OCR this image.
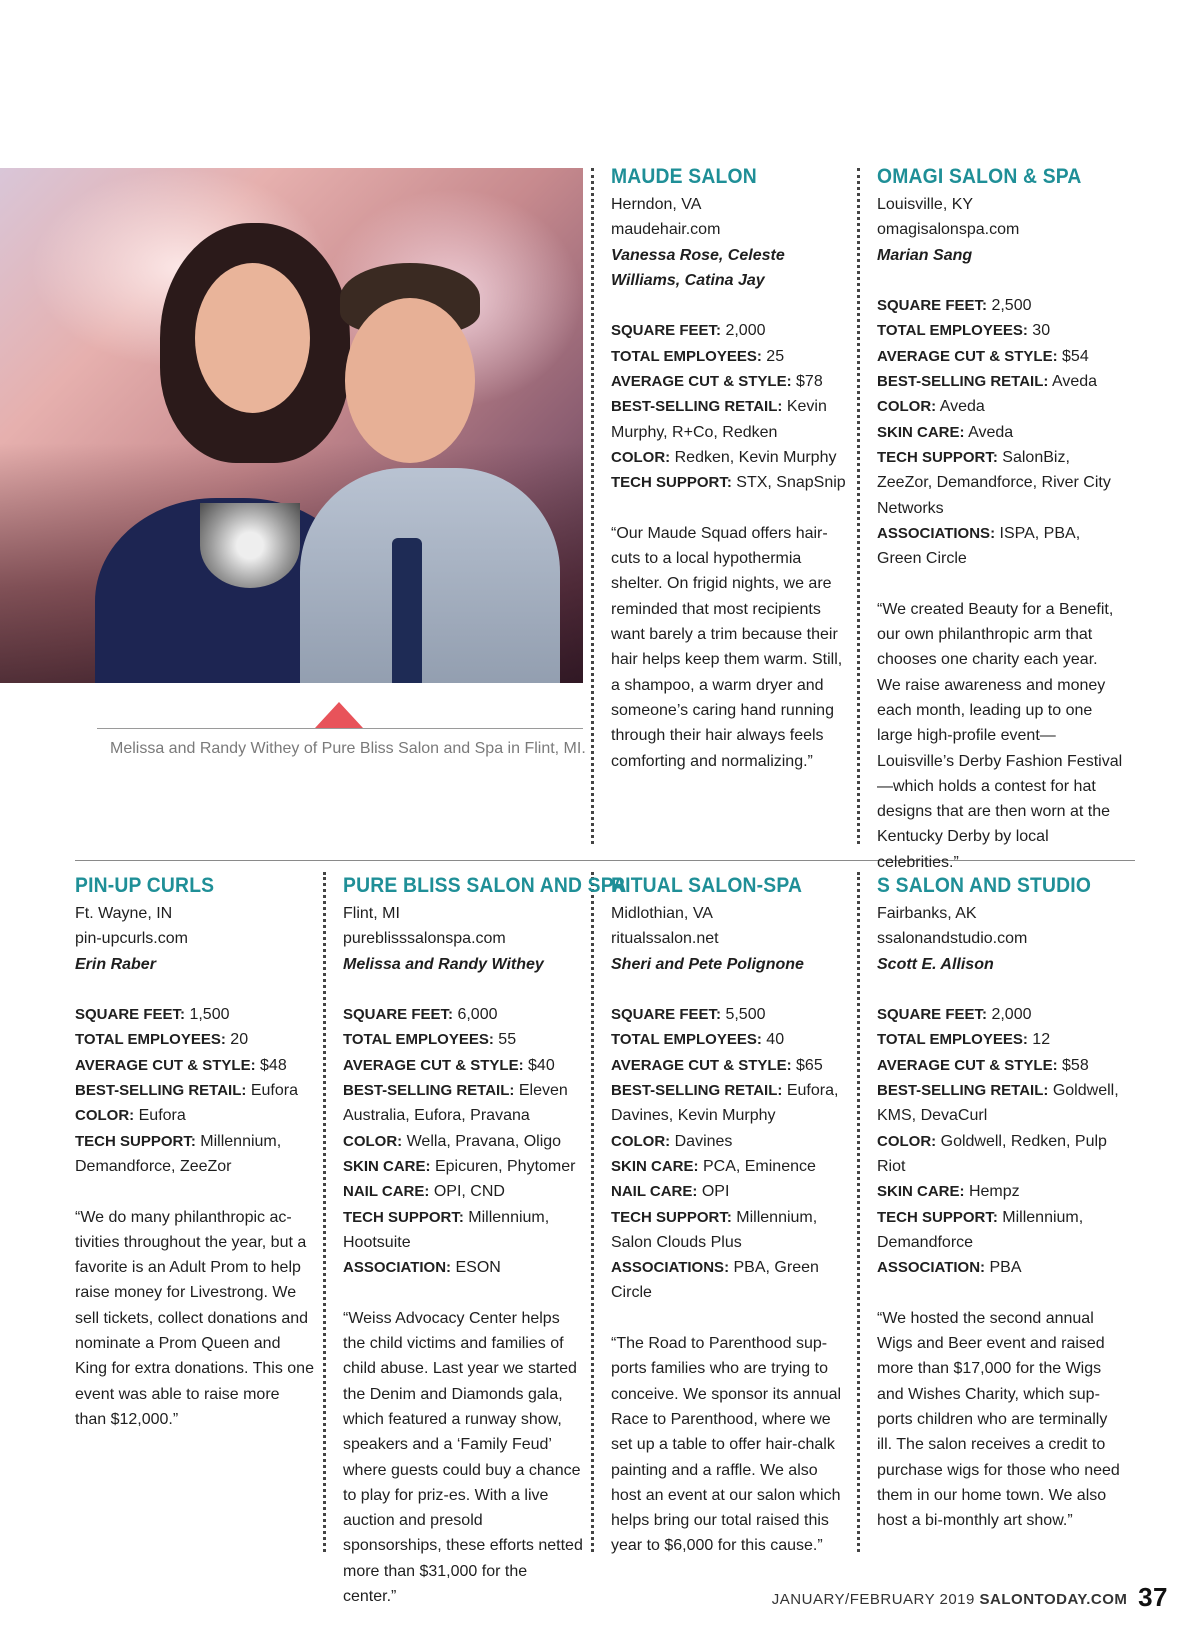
Melissa and Randy Withey of Pure Bliss Salon and Spa in Flint, MI.
MAUDE SALON

Herndon, VA

maudehair.com

Vanessa Rose, Celeste Williams, Catina Jay

SQUARE FEET: 2,000

TOTAL EMPLOYEES: 25

AVERAGE CUT & STYLE: $78

BEST-SELLING RETAIL: Kevin Murphy, R+Co, Redken

COLOR: Redken, Kevin Murphy

TECH SUPPORT: STX, SnapSnip

“Our Maude Squad offers hair-cuts to a local hypothermia shelter. On frigid nights, we are reminded that most recipients want barely a trim because their hair helps keep them warm. Still, a shampoo, a warm dryer and someone’s caring hand running through their hair always feels comforting and normalizing.”

OMAGI SALON & SPA

Louisville, KY

omagisalonspa.com

Marian Sang

SQUARE FEET: 2,500

TOTAL EMPLOYEES: 30

AVERAGE CUT & STYLE: $54

BEST-SELLING RETAIL: Aveda

COLOR: Aveda

SKIN CARE: Aveda

TECH SUPPORT: SalonBiz, ZeeZor, Demandforce, River City Networks

ASSOCIATIONS: ISPA, PBA, Green Circle

“We created Beauty for a Benefit, our own philanthropic arm that chooses one charity each year. We raise awareness and money each month, leading up to one large high-profile event—Louisville’s Derby Fashion Festival—which holds a contest for hat designs that are then worn at the Kentucky Derby by local celebrities.”

PIN-UP CURLS

Ft. Wayne, IN

pin-upcurls.com

Erin Raber

SQUARE FEET: 1,500

TOTAL EMPLOYEES: 20

AVERAGE CUT & STYLE: $48

BEST-SELLING RETAIL: Eufora

COLOR: Eufora

TECH SUPPORT: Millennium, Demandforce, ZeeZor

“We do many philanthropic ac-tivities throughout the year, but a favorite is an Adult Prom to help raise money for Livestrong. We sell tickets, collect donations and nominate a Prom Queen and King for extra donations. This one event was able to raise more than $12,000.”

PURE BLISS SALON AND SPA

Flint, MI

pureblisssalonspa.com

Melissa and Randy Withey

SQUARE FEET: 6,000

TOTAL EMPLOYEES: 55

AVERAGE CUT & STYLE: $40

BEST-SELLING RETAIL: Eleven Australia, Eufora, Pravana

COLOR: Wella, Pravana, Oligo

SKIN CARE: Epicuren, Phytomer

NAIL CARE: OPI, CND

TECH SUPPORT: Millennium, Hootsuite

ASSOCIATION: ESON

“Weiss Advocacy Center helps the child victims and families of child abuse. Last year we started the Denim and Diamonds gala, which featured a runway show, speakers and a ‘Family Feud’ where guests could buy a chance to play for priz-es. With a live auction and presold sponsorships, these efforts netted more than $31,000 for the center.”

RITUAL SALON-SPA

Midlothian, VA

ritualssalon.net

Sheri and Pete Polignone

SQUARE FEET: 5,500

TOTAL EMPLOYEES: 40

AVERAGE CUT & STYLE: $65

BEST-SELLING RETAIL: Eufora, Davines, Kevin Murphy

COLOR: Davines

SKIN CARE: PCA, Eminence

NAIL CARE: OPI

TECH SUPPORT: Millennium, Salon Clouds Plus

ASSOCIATIONS: PBA, Green Circle

“The Road to Parenthood sup-ports families who are trying to conceive. We sponsor its annual Race to Parenthood, where we set up a table to offer hair-chalk painting and a raffle. We also host an event at our salon which helps bring our total raised this year to $6,000 for this cause.”

S SALON AND STUDIO

Fairbanks, AK

ssalonandstudio.com

Scott E. Allison

SQUARE FEET: 2,000

TOTAL EMPLOYEES: 12

AVERAGE CUT & STYLE: $58

BEST-SELLING RETAIL: Goldwell, KMS, DevaCurl

COLOR: Goldwell, Redken, Pulp Riot

SKIN CARE: Hempz

TECH SUPPORT: Millennium, Demandforce

ASSOCIATION: PBA

“We hosted the second annual Wigs and Beer event and raised more than $17,000 for the Wigs and Wishes Charity, which sup-ports children who are terminally ill. The salon receives a credit to purchase wigs for those who need them in our home town. We also host a bi-monthly art show.”

JANUARY/FEBRUARY 2019 SALONTODAY.COM 37
